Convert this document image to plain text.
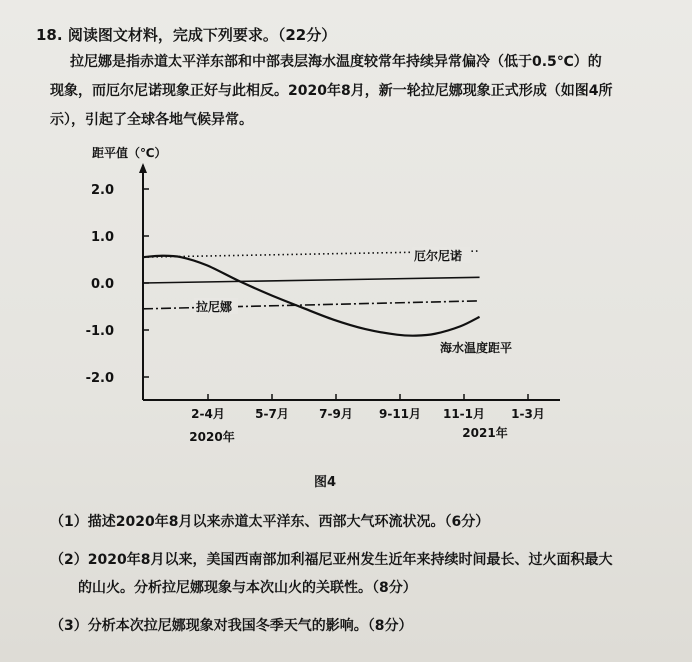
18. 阅读图文材料，完成下列要求。（22分）
拉尼娜是指赤道太平洋东部和中部表层海水温度较常年持续异常偏冷（低于0.5℃）的
现象，而厄尔尼诺现象正好与此相反。2020年8月，新一轮拉尼娜现象正式形成（如图4所
示），引起了全球各地气候异常。
距平值（℃）
2.0
1.0
0.0
-1.0
-2.0
2-4月	5-7月	7-9月 9-11月 11-1月 1-3月
2020年	2021年
厄尔尼诺
拉尼娜
海水温度距平
图4
（1）描述2020年8月以来赤道太平洋东、西部大气环流状况。（6分）
（2）2020年8月以来，美国西南部加利福尼亚州发生近年来持续时间最长、过火面积最大
的山火。分析拉尼娜现象与本次山火的关联性。（8分）
（3）分析本次拉尼娜现象对我国冬季天气的影响。（8分）
